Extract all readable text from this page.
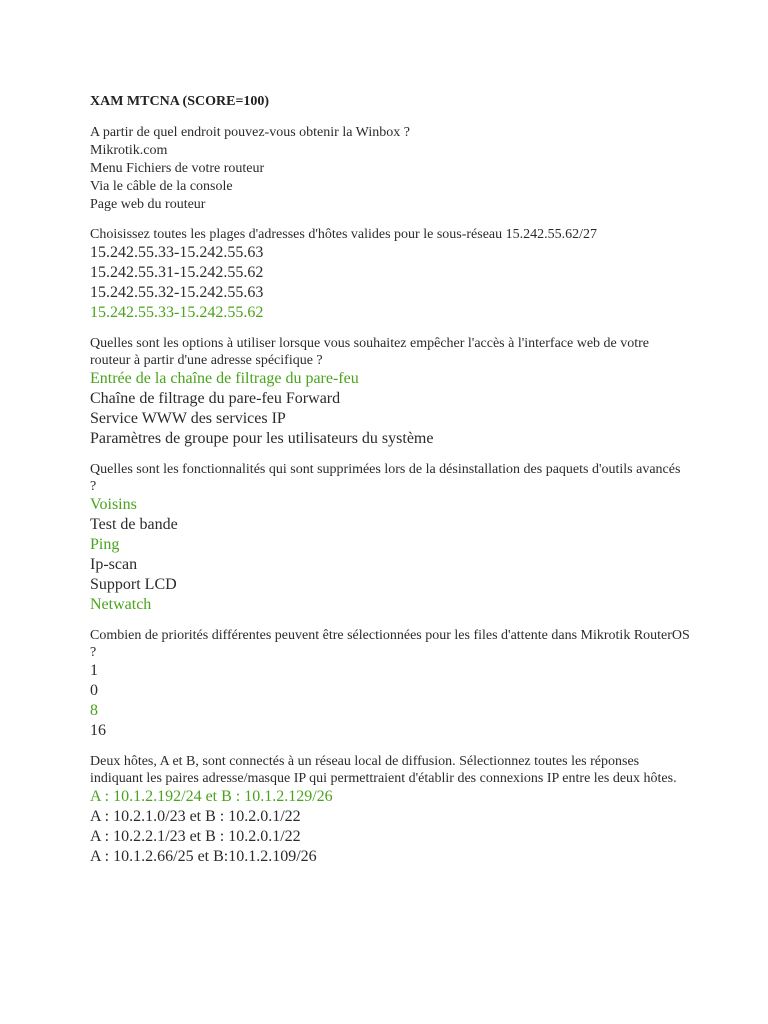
XAM MTCNA (SCORE=100)

A partir de quel endroit pouvez-vous obtenir la Winbox ?

Mikrotik.com
Menu Fichiers de votre routeur
Via le câble de la console
Page web du routeur

Choisissez toutes les plages d'adresses d'hôtes valides pour le sous-réseau 15.242.55.62/27

15.242.55.33-15.242.55.63
15.242.55.31-15.242.55.62
15.242.55.32-15.242.55.63
15.242.55.33-15.242.55.62

Quelles sont les options à utiliser lorsque vous souhaitez empêcher l'accès à l'interface web de votre routeur à partir d'une adresse spécifique ?

Entrée de la chaîne de filtrage du pare-feu
Chaîne de filtrage du pare-feu Forward
Service WWW des services IP
Paramètres de groupe pour les utilisateurs du système

Quelles sont les fonctionnalités qui sont supprimées lors de la désinstallation des paquets d'outils avancés ?

Voisins
Test de bande
Ping
Ip-scan
Support LCD
Netwatch

Combien de priorités différentes peuvent être sélectionnées pour les files d'attente dans Mikrotik RouterOS ?

1
0
8
16

Deux hôtes, A et B, sont connectés à un réseau local de diffusion. Sélectionnez toutes les réponses indiquant les paires adresse/masque IP qui permettraient d'établir des connexions IP entre les deux hôtes.

A : 10.1.2.192/24 et B : 10.1.2.129/26
A : 10.2.1.0/23 et B : 10.2.0.1/22
A : 10.2.2.1/23 et B : 10.2.0.1/22
A : 10.1.2.66/25 et B:10.1.2.109/26
